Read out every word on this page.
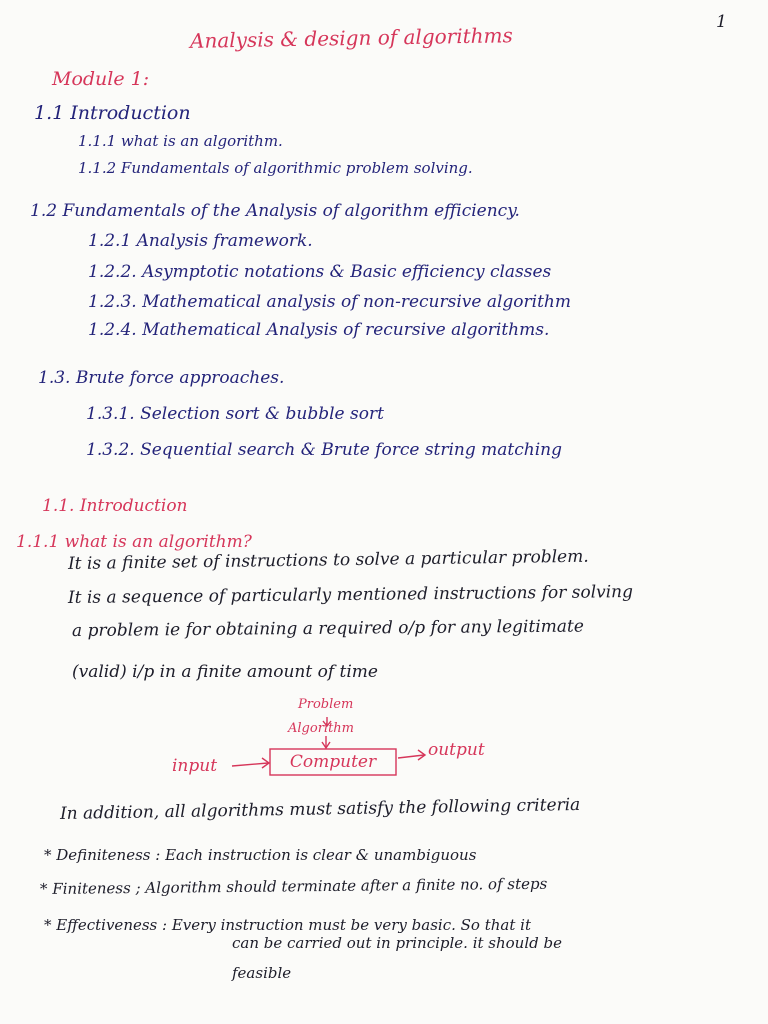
1
Analysis & design of algorithms
Module 1:
1.1 Introduction
1.1.1 what is an algorithm.
1.1.2 Fundamentals of algorithmic problem solving.
1.2 Fundamentals of the Analysis of algorithm efficiency.
1.2.1 Analysis framework.
1.2.2. Asymptotic notations & Basic efficiency classes
1.2.3. Mathematical analysis of non-recursive algorithm
1.2.4. Mathematical Analysis of recursive algorithms.
1.3. Brute force approaches.
1.3.1. Selection sort & bubble sort
1.3.2. Sequential search & Brute force string matching
1.1. Introduction
1.1.1 what is an algorithm?
It is a finite set of instructions to solve a particular problem.
It is a sequence of particularly mentioned instructions for solving
a problem ie for obtaining a required o/p for any legitimate
(valid) i/p in a finite amount of time
Problem
Algorithm
input	Computer
output
In addition, all algorithms must satisfy the following criteria
* Definiteness : Each instruction is clear & unambiguous
* Finiteness ; Algorithm should terminate after a finite no. of steps
* Effectiveness : Every instruction must be very basic. So that it
can be carried out in principle. it should be
feasible
